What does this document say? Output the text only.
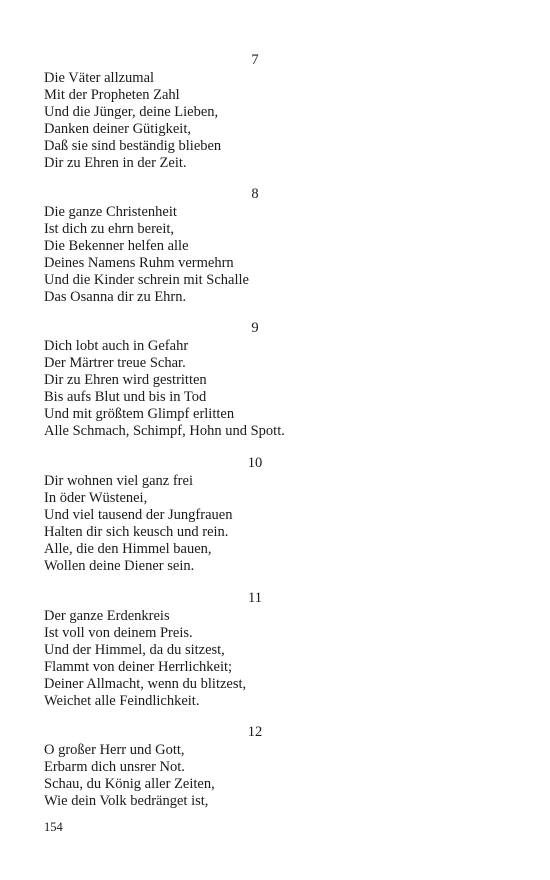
7
Die Väter allzumal
Mit der Propheten Zahl
Und die Jünger, deine Lieben,
Danken deiner Gütigkeit,
Daß sie sind beständig blieben
Dir zu Ehren in der Zeit.
8
Die ganze Christenheit
Ist dich zu ehrn bereit,
Die Bekenner helfen alle
Deines Namens Ruhm vermehrn
Und die Kinder schrein mit Schalle
Das Osanna dir zu Ehrn.
9
Dich lobt auch in Gefahr
Der Märtrer treue Schar.
Dir zu Ehren wird gestritten
Bis aufs Blut und bis in Tod
Und mit größtem Glimpf erlitten
Alle Schmach, Schimpf, Hohn und Spott.
10
Dir wohnen viel ganz frei
In öder Wüstenei,
Und viel tausend der Jungfrauen
Halten dir sich keusch und rein.
Alle, die den Himmel bauen,
Wollen deine Diener sein.
11
Der ganze Erdenkreis
Ist voll von deinem Preis.
Und der Himmel, da du sitzest,
Flammt von deiner Herrlichkeit;
Deiner Allmacht, wenn du blitzest,
Weichet alle Feindlichkeit.
12
O großer Herr und Gott,
Erbarm dich unsrer Not.
Schau, du König aller Zeiten,
Wie dein Volk bedränget ist,
154
